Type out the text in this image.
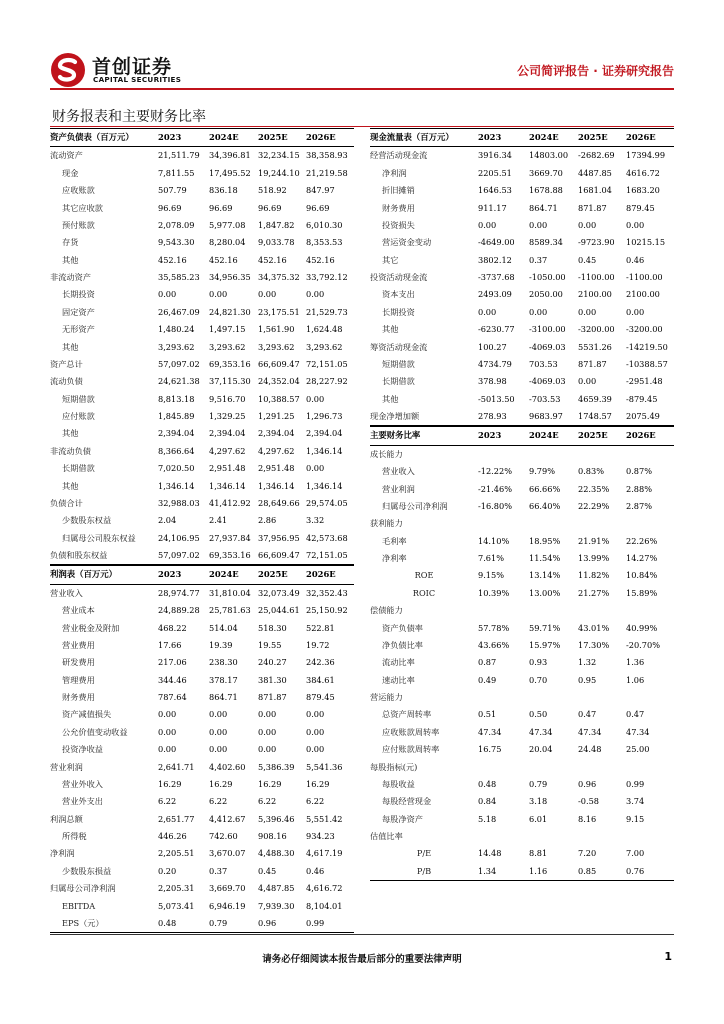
首创证券
CAPITAL SECURITIES
公司简评报告 · 证券研究报告
财务报表和主要财务比率
资产负债表（百万元）	2023	2024E	2025E	2026E
流动资产	21,511.79	34,396.81	32,234.15	38,358.93
现金	7,811.55	17,495.52	19,244.10	21,219.58
应收账款	507.79	836.18	518.92	847.97
其它应收款	96.69	96.69	96.69	96.69
预付账款	2,078.09	5,977.08	1,847.82	6,010.30
存货	9,543.30	8,280.04	9,033.78	8,353.53
其他	452.16	452.16	452.16	452.16
非流动资产	35,585.23	34,956.35	34,375.32	33,792.12
长期投资	0.00	0.00	0.00	0.00
固定资产	26,467.09	24,821.30	23,175.51	21,529.73
无形资产	1,480.24	1,497.15	1,561.90	1,624.48
其他	3,293.62	3,293.62	3,293.62	3,293.62
资产总计	57,097.02	69,353.16	66,609.47	72,151.05
流动负债	24,621.38	37,115.30	24,352.04	28,227.92
短期借款	8,813.18	9,516.70	10,388.57	0.00
应付账款	1,845.89	1,329.25	1,291.25	1,296.73
其他	2,394.04	2,394.04	2,394.04	2,394.04
非流动负债	8,366.64	4,297.62	4,297.62	1,346.14
长期借款	7,020.50	2,951.48	2,951.48	0.00
其他	1,346.14	1,346.14	1,346.14	1,346.14
负债合计	32,988.03	41,412.92	28,649.66	29,574.05
少数股东权益	2.04	2.41	2.86	3.32
归属母公司股东权益	24,106.95	27,937.84	37,956.95	42,573.68
负债和股东权益	57,097.02	69,353.16	66,609.47	72,151.05
利润表（百万元）	2023	2024E	2025E	2026E
营业收入	28,974.77	31,810.04	32,073.49	32,352.43
营业成本	24,889.28	25,781.63	25,044.61	25,150.92
营业税金及附加	468.22	514.04	518.30	522.81
营业费用	17.66	19.39	19.55	19.72
研发费用	217.06	238.30	240.27	242.36
管理费用	344.46	378.17	381.30	384.61
财务费用	787.64	864.71	871.87	879.45
资产减值损失	0.00	0.00	0.00	0.00
公允价值变动收益	0.00	0.00	0.00	0.00
投资净收益	0.00	0.00	0.00	0.00
营业利润	2,641.71	4,402.60	5,386.39	5,541.36
营业外收入	16.29	16.29	16.29	16.29
营业外支出	6.22	6.22	6.22	6.22
利润总额	2,651.77	4,412.67	5,396.46	5,551.42
所得税	446.26	742.60	908.16	934.23
净利润	2,205.51	3,670.07	4,488.30	4,617.19
少数股东损益	0.20	0.37	0.45	0.46
归属母公司净利润	2,205.31	3,669.70	4,487.85	4,616.72
EBITDA	5,073.41	6,946.19	7,939.30	8,104.01
EPS（元）	0.48	0.79	0.96	0.99
现金流量表（百万元）	2023	2024E	2025E	2026E
经营活动现金流	3916.34	14803.00	-2682.69	17394.99
净利润	2205.51	3669.70	4487.85	4616.72
折旧摊销	1646.53	1678.88	1681.04	1683.20
财务费用	911.17	864.71	871.87	879.45
投资损失	0.00	0.00	0.00	0.00
营运资金变动	-4649.00	8589.34	-9723.90	10215.15
其它	3802.12	0.37	0.45	0.46
投资活动现金流	-3737.68	-1050.00	-1100.00	-1100.00
资本支出	2493.09	2050.00	2100.00	2100.00
长期投资	0.00	0.00	0.00	0.00
其他	-6230.77	-3100.00	-3200.00	-3200.00
筹资活动现金流	100.27	-4069.03	5531.26	-14219.50
短期借款	4734.79	703.53	871.87	-10388.57
长期借款	378.98	-4069.03	0.00	-2951.48
其他	-5013.50	-703.53	4659.39	-879.45
现金净增加额	278.93	9683.97	1748.57	2075.49
主要财务比率	2023	2024E	2025E	2026E
成长能力				
营业收入	-12.22%	9.79%	0.83%	0.87%
营业利润	-21.46%	66.66%	22.35%	2.88%
归属母公司净利润	-16.80%	66.40%	22.29%	2.87%
获利能力				
毛利率	14.10%	18.95%	21.91%	22.26%
净利率	7.61%	11.54%	13.99%	14.27%
ROE	9.15%	13.14%	11.82%	10.84%
ROIC	10.39%	13.00%	21.27%	15.89%
偿债能力				
资产负债率	57.78%	59.71%	43.01%	40.99%
净负债比率	43.66%	15.97%	17.30%	-20.70%
流动比率	0.87	0.93	1.32	1.36
速动比率	0.49	0.70	0.95	1.06
营运能力				
总资产周转率	0.51	0.50	0.47	0.47
应收账款周转率	47.34	47.34	47.34	47.34
应付账款周转率	16.75	20.04	24.48	25.00
每股指标(元)				
每股收益	0.48	0.79	0.96	0.99
每股经营现金	0.84	3.18	-0.58	3.74
每股净资产	5.18	6.01	8.16	9.15
估值比率				
P/E	14.48	8.81	7.20	7.00
P/B	1.34	1.16	0.85	0.76
请务必仔细阅读本报告最后部分的重要法律声明	1
